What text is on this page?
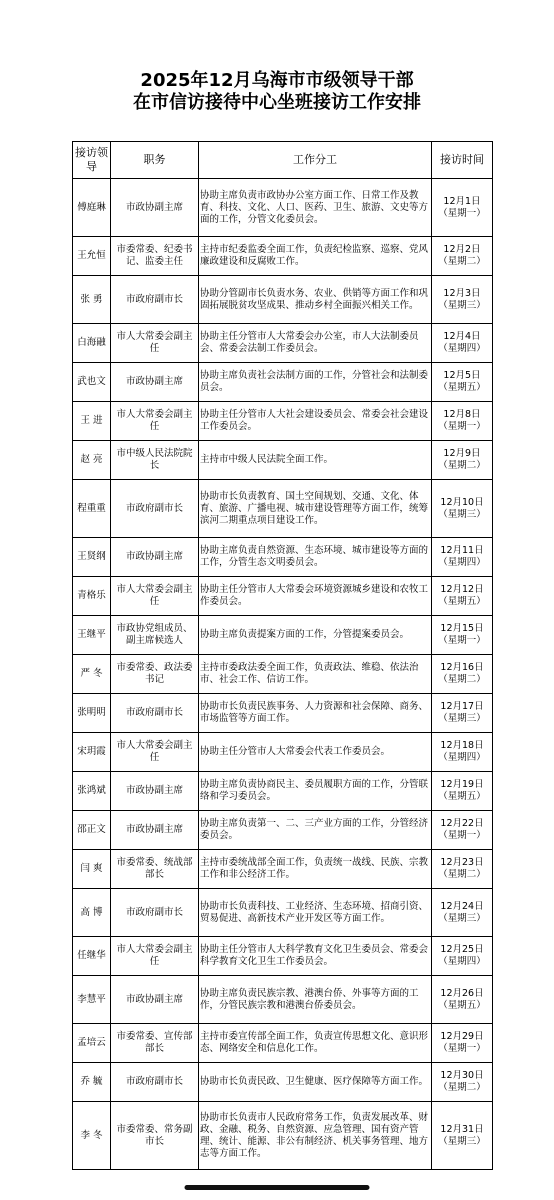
2025年12月乌海市市级领导干部
在市信访接待中心坐班接访工作安排
接访领导	职务	工作分工	接访时间
傅庭琳	市政协副主席	协助主席负责市政协办公室方面工作、日常工作及教育、科技、文化、人口、医药、卫生、旅游、文史等方面的工作，分管文化委员会。	12月1日
（星期一）

王允恒	市委常委、纪委书记、监委主任	主持市纪委监委全面工作，负责纪检监察、巡察、党风廉政建设和反腐败工作。	12月2日
（星期二）

张 勇	市政府副市长	协助分管副市长负责水务、农业、供销等方面工作和巩固拓展脱贫攻坚成果、推动乡村全面振兴相关工作。	12月3日
（星期三）

白海融	市人大常委会副主任	协助主任分管市人大常委会办公室，市人大法制委员会、常委会法制工作委员会。	12月4日
（星期四）

武也文	市政协副主席	协助主席负责社会法制方面的工作，分管社会和法制委员会。	12月5日
（星期五）

王 进	市人大常委会副主任	协助主任分管市人大社会建设委员会、常委会社会建设工作委员会。	12月8日
（星期一）

赵 亮	市中级人民法院院长	主持市中级人民法院全面工作。	12月9日
（星期二）

程重重	市政府副市长	协助市长负责教育、国土空间规划、交通、文化、体育、旅游、广播电视、城市建设管理等方面工作，统筹滨河二期重点项目建设工作。	12月10日
（星期三）

王贤纲	市政协副主席	协助主席负责自然资源、生态环境、城市建设等方面的工作，分管生态文明委员会。	12月11日
（星期四）

青格乐	市人大常委会副主任	协助主任分管市人大常委会环境资源城乡建设和农牧工作委员会。	12月12日
（星期五）

王继平	市政协党组成员、副主席候选人	协助主席负责提案方面的工作，分管提案委员会。	12月15日
（星期一）

严 冬	市委常委、政法委书记	主持市委政法委全面工作，负责政法、维稳、依法治市、社会工作、信访工作。	12月16日
（星期二）

张明明	市政府副市长	协助市长负责民族事务、人力资源和社会保障、商务、市场监管等方面工作。	12月17日
（星期三）

宋玥霞	市人大常委会副主任	协助主任分管市人大常委会代表工作委员会。	12月18日
（星期四）

张鸿斌	市政协副主席	协助主席负责协商民主、委员履职方面的工作，分管联络和学习委员会。	12月19日
（星期五）

邵正文	市政协副主席	协助主席负责第一、二、三产业方面的工作，分管经济委员会。	12月22日
（星期一）

闫 爽	市委常委、统战部部长	主持市委统战部全面工作，负责统一战线、民族、宗教工作和非公经济工作。	12月23日
（星期二）

高 博	市政府副市长	协助市长负责科技、工业经济、生态环境、招商引资、贸易促进、高新技术产业开发区等方面工作。	12月24日
（星期三）

任继华	市人大常委会副主任	协助主任分管市人大科学教育文化卫生委员会、常委会科学教育文化卫生工作委员会。	12月25日
（星期四）

李慧平	市政协副主席	协助主席负责民族宗教、港澳台侨、外事等方面的工作，分管民族宗教和港澳台侨委员会。	12月26日
（星期五）

孟培云	市委常委、宣传部部长	主持市委宣传部全面工作，负责宣传思想文化、意识形态、网络安全和信息化工作。	12月29日
（星期一）

乔 毓	市政府副市长	协助市长负责民政、卫生健康、医疗保障等方面工作。	12月30日
（星期二）

李 冬	市委常委、常务副市长	协助市长负责市人民政府常务工作，负责发展改革、财政、金融、税务、自然资源、应急管理、国有资产管理、统计、能源、非公有制经济、机关事务管理、地方志等方面工作。	12月31日
（星期三）
